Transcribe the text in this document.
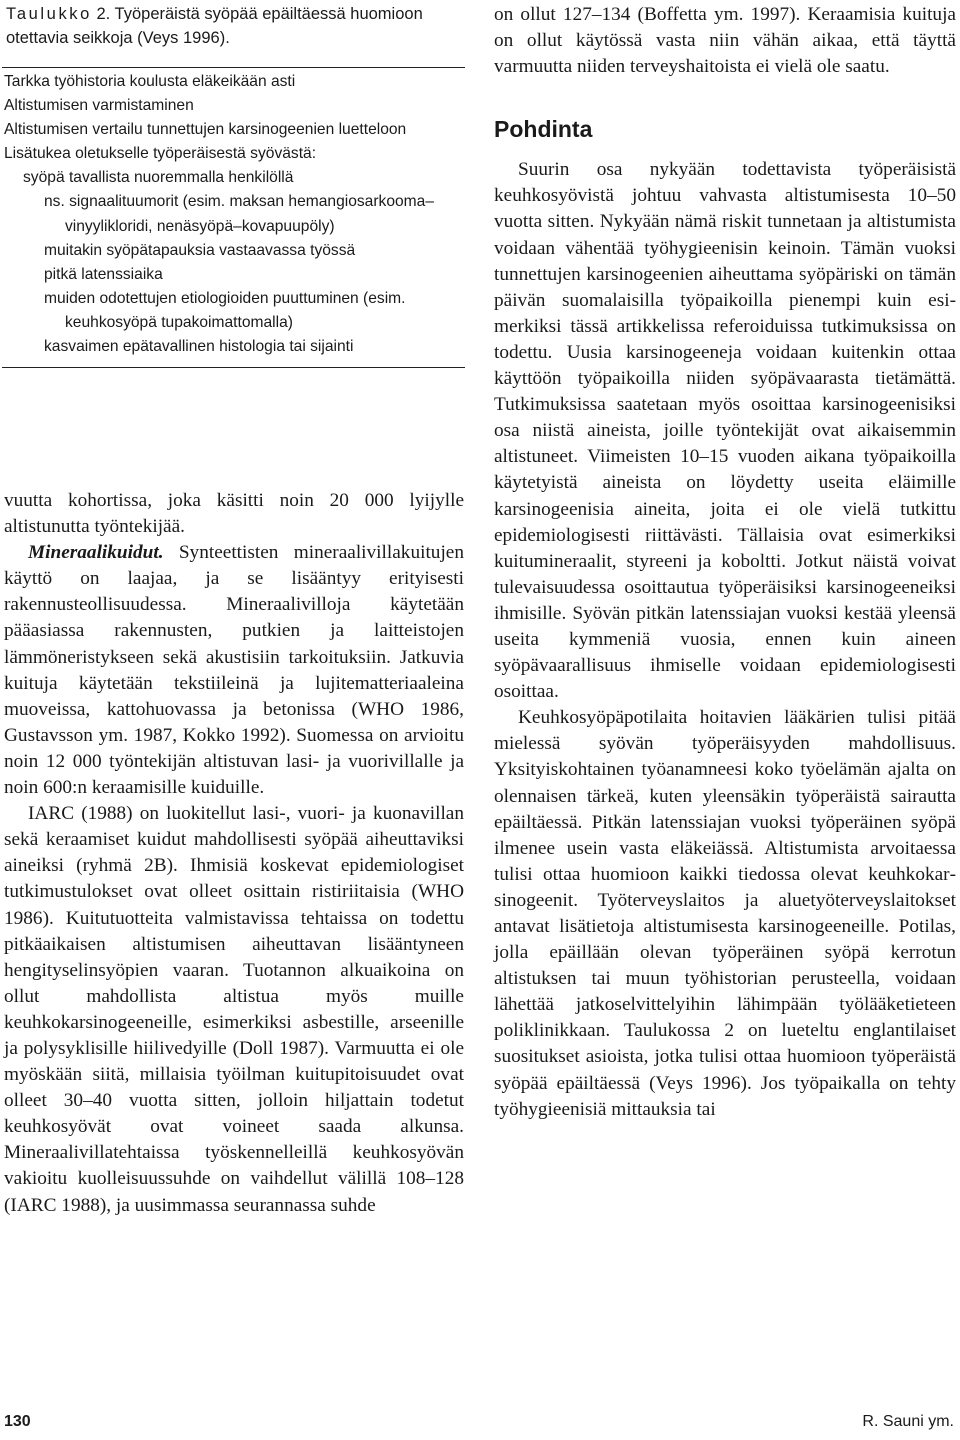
Taulukko 2. Työperäistä syöpää epäiltäessä huomioon otettavia seikkoja (Veys 1996).
Tarkka työhistoria koulusta eläkeikään asti
Altistumisen varmistaminen
Altistumisen vertailu tunnettujen karsinogeenien luetteloon
Lisätukea oletukselle työperäisestä syövästä:
syöpä tavallista nuoremmalla henkilöllä
ns. signaalituumorit (esim. maksan hemangiosarkooma–
vinyylikloridi, nenäsyöpä–kovapuupöly)
muitakin syöpätapauksia vastaavassa työssä
pitkä latenssiaika
muiden odotettujen etiologioiden puuttuminen (esim.
keuhkosyöpä tupakoimattomalla)
kasvaimen epätavallinen histologia tai sijainti

vuutta kohortissa, joka käsitti noin 20 000 lyijylle altistunutta työntekijää.

Mineraalikuidut. Synteettisten mineraalivillakuitujen käyttö on laajaa, ja se lisääntyy erityisesti rakennusteollisuudessa. Mineraalivilloja käytetään pääasiassa rakennusten, putkien ja laitteistojen lämmöneristykseen sekä akustisiin tarkoituksiin. Jatkuvia kuituja käytetään tekstiileinä ja lujitematteriaaleina muoveissa, kattohuovassa ja betonissa (WHO 1986, Gustavsson ym. 1987, Kokko 1992). Suomessa on arvioitu noin 12 000 työntekijän altistuvan lasi- ja vuorivillalle ja noin 600:n keraamisille kuiduille.

IARC (1988) on luokitellut lasi-, vuori- ja kuonavillan sekä keraamiset kuidut mahdollisesti syöpää aiheuttaviksi aineiksi (ryhmä 2B). Ihmisiä koskevat epidemiologiset tutkimustulokset ovat olleet osittain ristiriitaisia (WHO 1986). Kuitutuotteita valmistavissa tehtaissa on todettu pitkäaikaisen altistumisen aiheuttavan lisääntyneen hengityselinsyöpien vaaran. Tuotannon alkuaikoina on ollut mahdollista altistua myös muille keuhkokarsinogeeneille, esimerkiksi asbestille, arseenille ja polysyklisille hiilivedyille (Doll 1987). Varmuutta ei ole myöskään siitä, millaisia työilman kuitupitoisuudet ovat olleet 30–40 vuotta sitten, jolloin hiljattain todetut keuhkosyövät ovat voineet saada alkunsa. Mineraalivillatehtaissa työskennelleillä keuhkosyövän vakioitu kuolleisuussuhde on vaihdellut välillä 108–128 (IARC 1988), ja uusimmassa seurannassa suhde

on ollut 127–134 (Boffetta ym. 1997). Keraamisia kuituja on ollut käytössä vasta niin vähän aikaa, että täyttä varmuutta niiden terveyshaitoista ei vielä ole saatu.

Pohdinta

Suurin osa nykyään todettavista työperäisistä keuhkosyövistä johtuu vahvasta altistumisesta 10–50 vuotta sitten. Nykyään nämä riskit tunnetaan ja altistumista voidaan vähentää työhygieenisin keinoin. Tämän vuoksi tunnettujen karsinogeenien aiheuttama syöpäriski on tämän päivän suomalaisilla työpaikoilla pienempi kuin esimerkiksi tässä artikkelissa referoiduissa tutkimuksissa on todettu. Uusia karsinogeeneja voidaan kuitenkin ottaa käyttöön työpaikoilla niiden syöpävaarasta tietämättä. Tutkimuksissa saatetaan myös osoittaa karsinogeenisiksi osa niistä aineista, joille työntekijät ovat aikaisemmin altistuneet. Viimeisten 10–15 vuoden aikana työpaikoilla käytetyistä aineista on löydetty useita eläimille karsinogeenisia aineita, joita ei ole vielä tutkittu epidemiologisesti riittävästi. Tällaisia ovat esimerkiksi kuitumineraalit, styreeni ja koboltti. Jotkut näistä voivat tulevaisuudessa osoittautua työperäisiksi karsinogeeneiksi ihmisille. Syövän pitkän latenssiajan vuoksi kestää yleensä useita kymmeniä vuosia, ennen kuin aineen syöpävaarallisuus ihmiselle voidaan epidemiologisesti osoittaa.

Keuhkosyöpäpotilaita hoitavien lääkärien tulisi pitää mielessä syövän työperäisyyden mahdollisuus. Yksityiskohtainen työanamneesi koko työelämän ajalta on olennaisen tärkeä, kuten yleensäkin työperäistä sairautta epäiltäessä. Pitkän latenssiajan vuoksi työperäinen syöpä ilmenee usein vasta eläkeiässä. Altistumista arvoitaessa tulisi ottaa huomioon kaikki tiedossa olevat keuhkokarsinogeenit. Työterveyslaitos ja aluetyöterveyslaitokset antavat lisätietoja altistumisesta karsinogeeneille. Potilas, jolla epäillään olevan työperäinen syöpä kerrotun altistuksen tai muun työhistorian perusteella, voidaan lähettää jatkoselvittelyihin lähimpään työlääketieteen poliklinikkaan. Taulukossa 2 on lueteltu englantilaiset suositukset asioista, jotka tulisi ottaa huomioon työperäistä syöpää epäiltäessä (Veys 1996). Jos työpaikalla on tehty työhygieenisiä mittauksia tai

130	R. Sauni ym.
